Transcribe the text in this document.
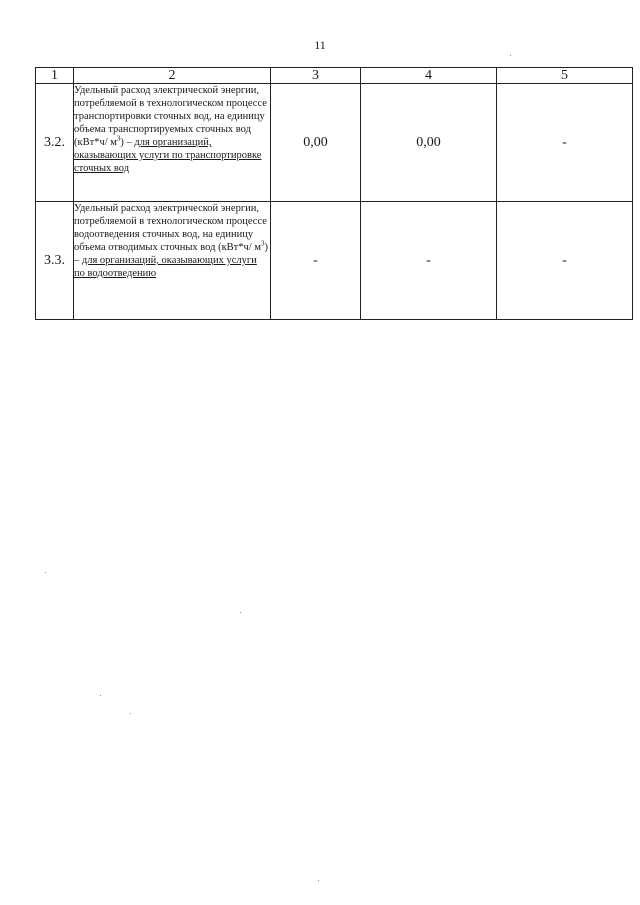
11
1	2	3	4	5
3.2.	Удельный расход электрической энергии, потребляемой в технологическом процессе транспортировки сточных вод, на единицу объема транспортируемых сточных вод (кВт*ч/ $м^3$) – для организаций, оказывающих услуги по транспортировке сточных вод	0,00	0,00	-
3.3.	Удельный расход электрической энергии, потребляемой в технологическом процессе водоотведения сточных вод, на единицу объема отводимых сточных вод (кВт*ч/ $м^3$) – для организаций, оказывающих услуги по водоотведению	-	-	-
